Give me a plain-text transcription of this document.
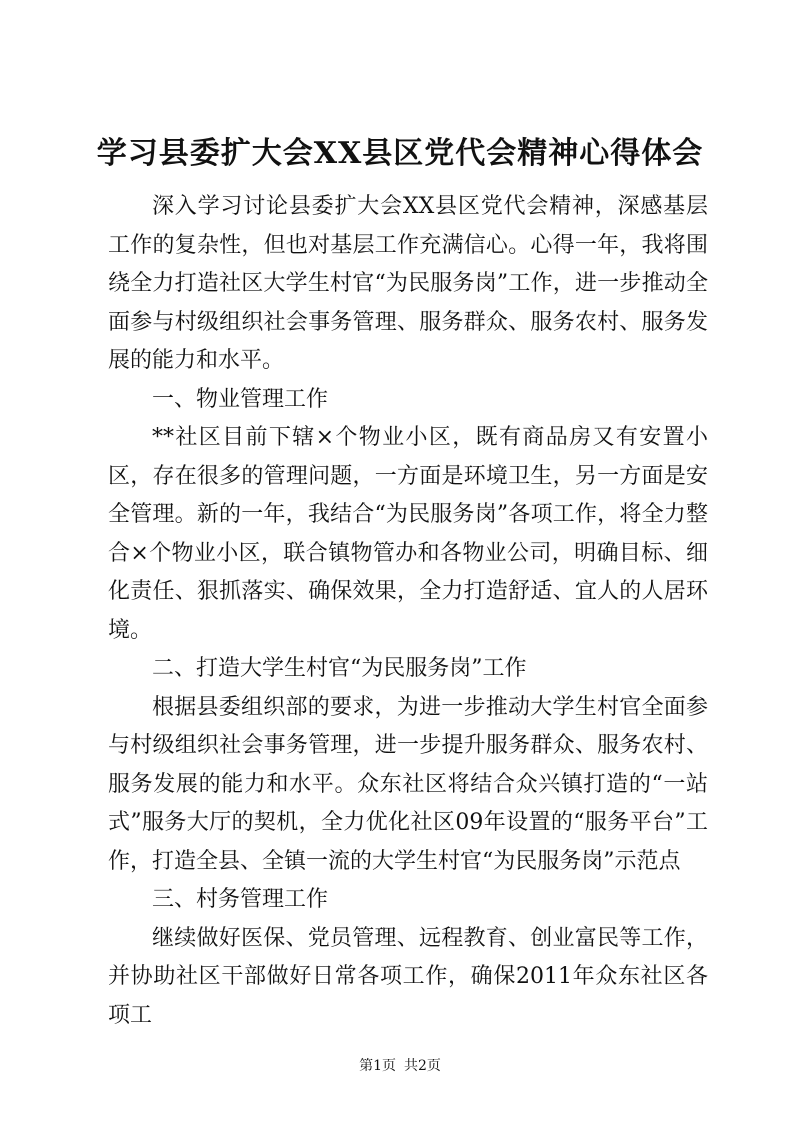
学习县委扩大会XX县区党代会精神心得体会

深入学习讨论县委扩大会XX县区党代会精神，深感基层工作的复杂性，但也对基层工作充满信心。心得一年，我将围绕全力打造社区大学生村官“为民服务岗”工作，进一步推动全面参与村级组织社会事务管理、服务群众、服务农村、服务发展的能力和水平。

一、物业管理工作

**社区目前下辖×个物业小区，既有商品房又有安置小区，存在很多的管理问题，一方面是环境卫生，另一方面是安全管理。新的一年，我结合“为民服务岗”各项工作，将全力整合×个物业小区，联合镇物管办和各物业公司，明确目标、细化责任、狠抓落实、确保效果，全力打造舒适、宜人的人居环境。

二、打造大学生村官“为民服务岗”工作

根据县委组织部的要求，为进一步推动大学生村官全面参与村级组织社会事务管理，进一步提升服务群众、服务农村、服务发展的能力和水平。众东社区将结合众兴镇打造的“一站式”服务大厅的契机，全力优化社区09年设置的“服务平台”工作，打造全县、全镇一流的大学生村官“为民服务岗”示范点

三、村务管理工作

继续做好医保、党员管理、远程教育、创业富民等工作，并协助社区干部做好日常各项工作，确保2011年众东社区各项工

第1页 共2页
